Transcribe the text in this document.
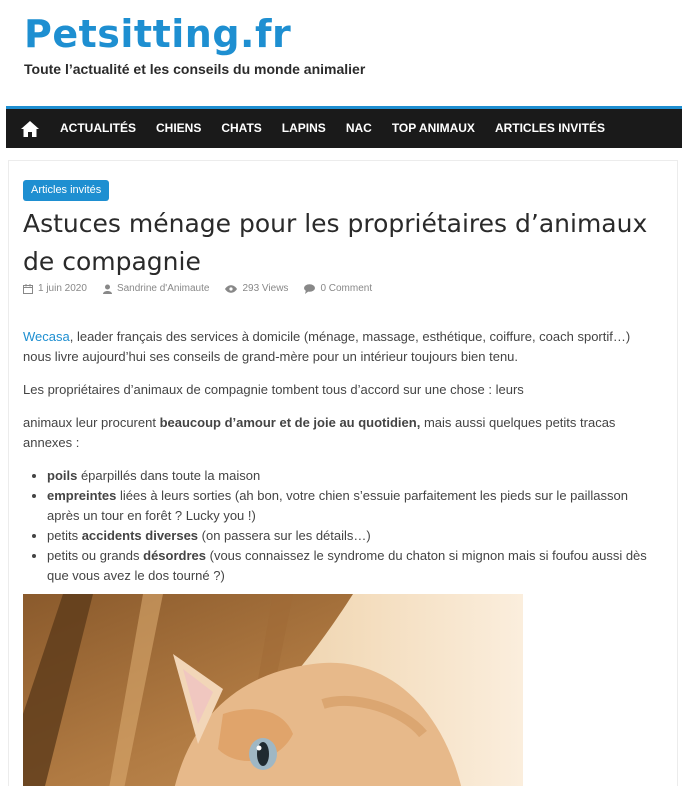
Petsitting.fr
Toute l’actualité et les conseils du monde animalier
ACTUALITÉS	CHIENS	CHATS	LAPINS	NAC	TOP ANIMAUX	ARTICLES INVITÉS
Articles invités
Astuces ménage pour les propriétaires d’animaux de compagnie
1 juin 2020	Sandrine d'Animaute	293 Views	0 Comment

Wecasa, leader français des services à domicile (ménage, massage, esthétique, coiffure, coach sportif…) nous livre aujourd’hui ses conseils de grand-mère pour un intérieur toujours bien tenu.

Les propriétaires d’animaux de compagnie tombent tous d’accord sur une chose : leurs

animaux leur procurent beaucoup d’amour et de joie au quotidien, mais aussi quelques petits tracas annexes :

• poils éparpillés dans toute la maison
• empreintes liées à leurs sorties (ah bon, votre chien s’essuie parfaitement les pieds sur le paillasson après un tour en forêt ? Lucky you !)
• petits accidents diverses (on passera sur les détails…)
• petits ou grands désordres (vous connaissez le syndrome du chaton si mignon mais si foufou aussi dès que vous avez le dos tourné ?)
